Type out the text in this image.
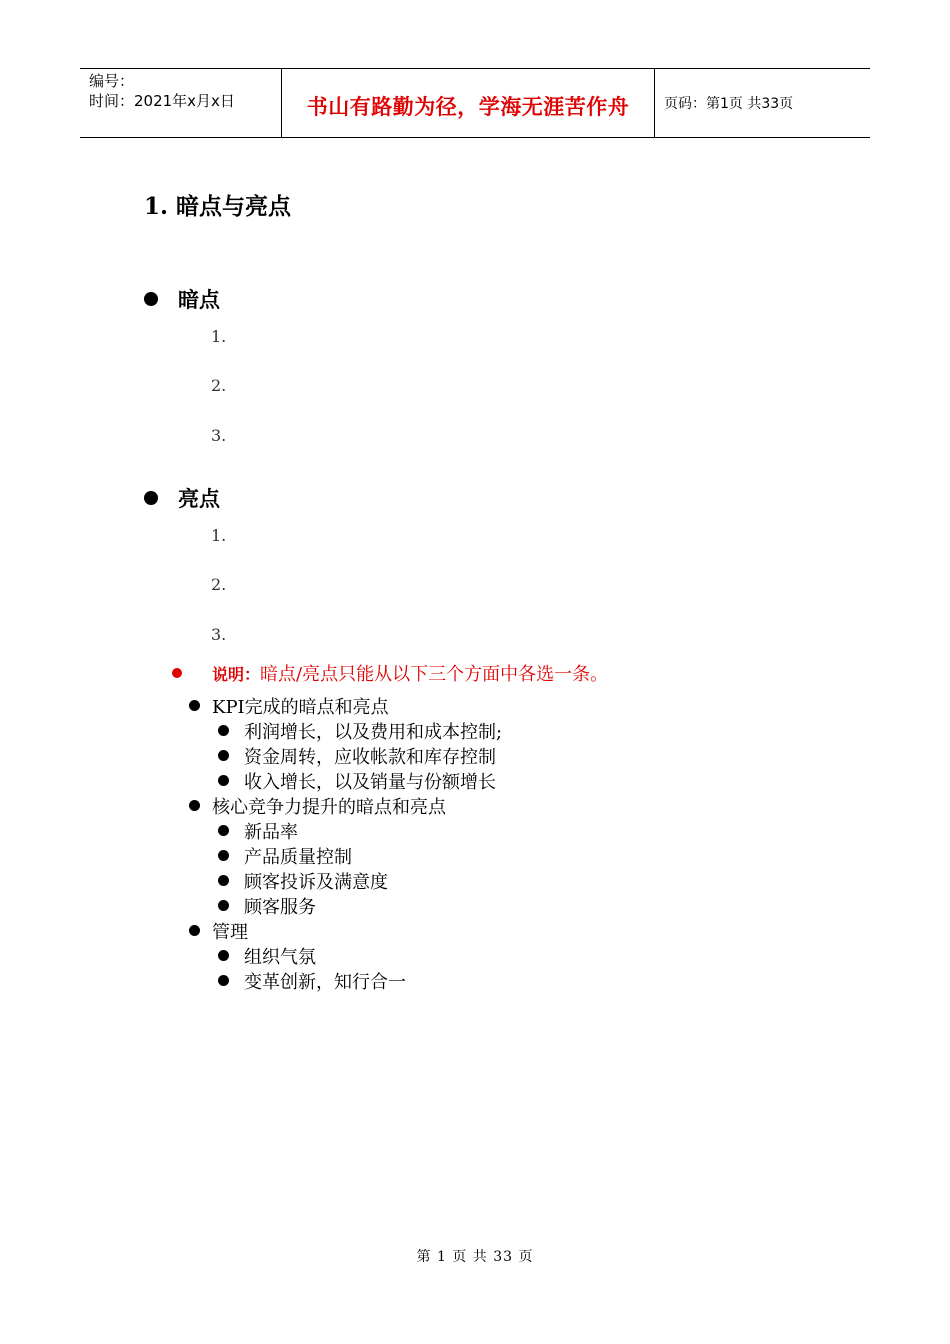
编号：
时间：2021年x月x日	书山有路勤为径，学海无涯苦作舟 页码：第1页 共33页
1. 暗点与亮点
暗点
1.
2.
3.
亮点
1.
2.
3.
说明：暗点/亮点只能从以下三个方面中各选一条。
KPI完成的暗点和亮点
利润增长，以及费用和成本控制;
资金周转，应收帐款和库存控制
收入增长，以及销量与份额增长
核心竞争力提升的暗点和亮点
新品率
产品质量控制
顾客投诉及满意度
顾客服务
管理
组织气氛
变革创新，知行合一
第 1 页 共 33 页
